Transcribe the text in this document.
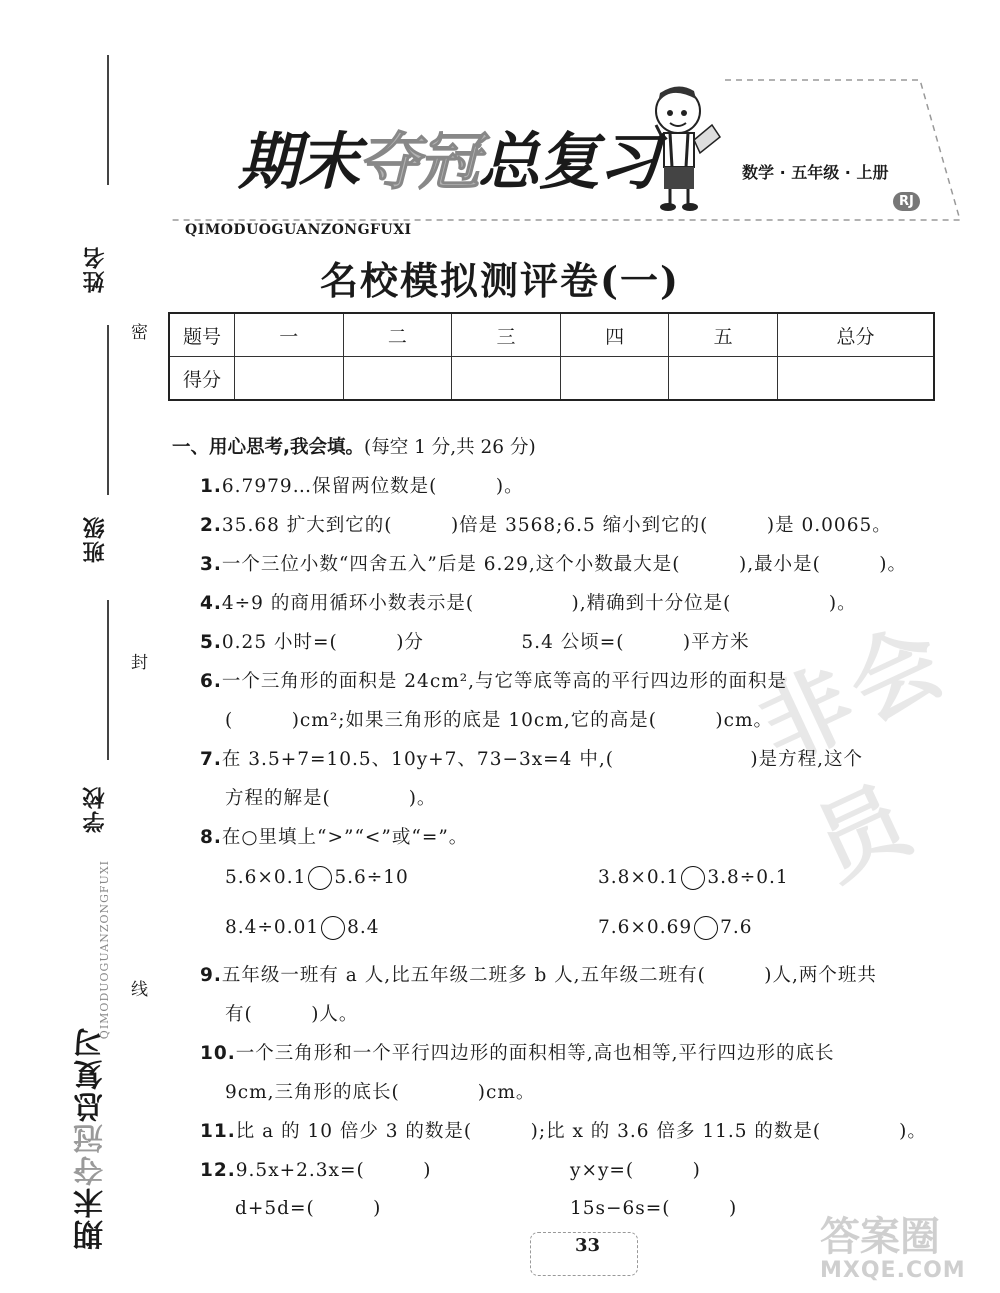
姓名
班级
学校
密
封
线
QIMODUOGUANZONGFUXI
期末夺冠总复习
期末夺冠总复习
QIMODUOGUANZONGFUXI
数学 · 五年级 · 上册
RJ
名校模拟测评卷(一)
题号	一	二	三	四	五	总分
得分						
非会员
一、用心思考,我会填。(每空 1 分,共 26 分)
1.6.7979…保留两位数是(　　　)。
2.35.68 扩大到它的(　　　)倍是 3568;6.5 缩小到它的(　　　)是 0.0065。
3.一个三位小数“四舍五入”后是 6.29,这个小数最大是(　　　),最小是(　　　)。
4.4÷9 的商用循环小数表示是(　　　　　),精确到十分位是(　　　　　)。
5.0.25 小时=(　　　)分　　　　　5.4 公顷=(　　　)平方米
6.一个三角形的面积是 24cm²,与它等底等高的平行四边形的面积是
(　　　)cm²;如果三角形的底是 10cm,它的高是(　　　)cm。
7.在 3.5+7=10.5、10y+7、73−3x=4 中,(　　　　　　　)是方程,这个
方程的解是(　　　　)。
8.在○里填上“>”“<”或“=”。
5.6×0.1 5.6÷10	3.8×0.1 3.8÷0.1
8.4÷0.01 8.4	7.6×0.69 7.6
9.五年级一班有 a 人,比五年级二班多 b 人,五年级二班有(　　　)人,两个班共
有(　　　)人。
10.一个三角形和一个平行四边形的面积相等,高也相等,平行四边形的底长
9cm,三角形的底长(　　　　)cm。
11.比 a 的 10 倍少 3 的数是(　　　);比 x 的 3.6 倍多 11.5 的数是(　　　　)。
12.9.5x+2.3x=(　　　)	y×y=(　　　)
d+5d=(　　　)	15s−6s=(　　　)
33	答案圈
MXQE.COM
